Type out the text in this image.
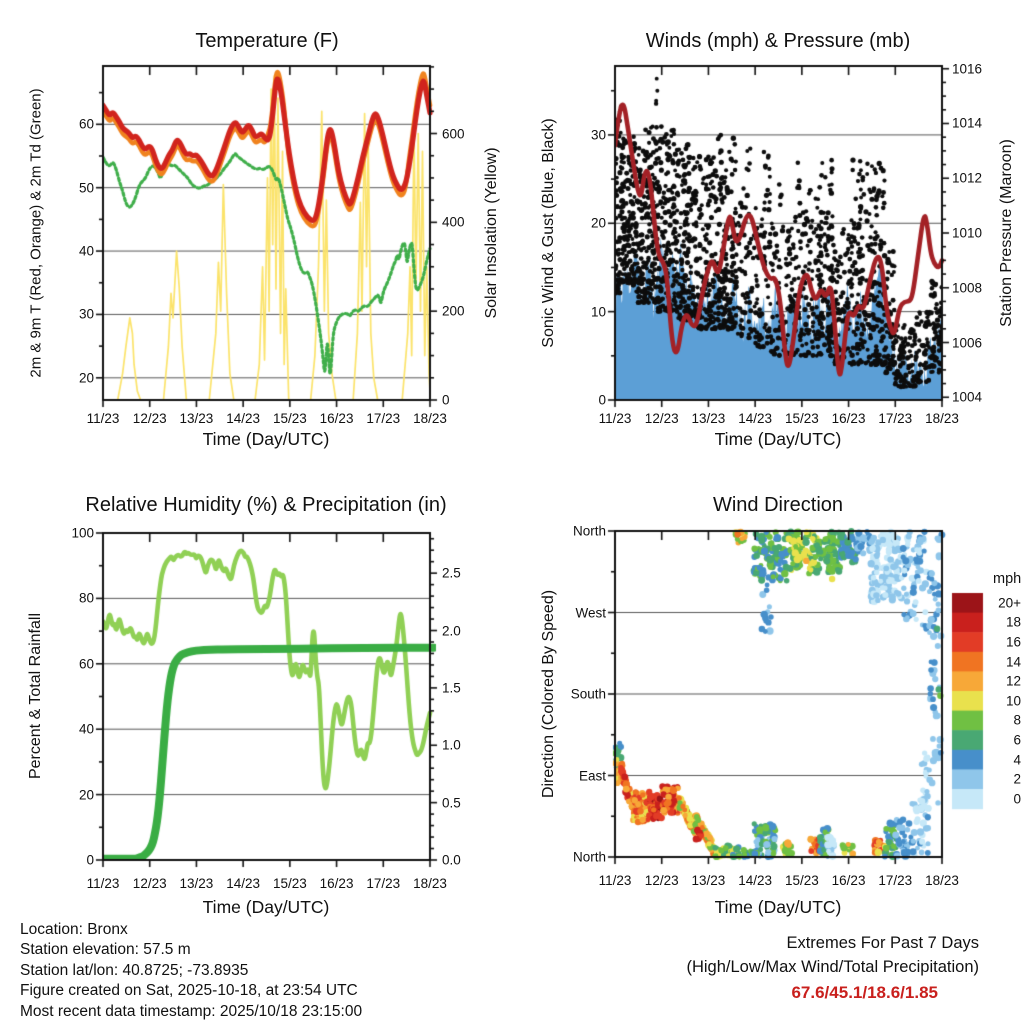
Temperature (F)	Winds (mph) & Pressure (mb)
Relative Humidity (%) & Precipitation (in)	Wind Direction
Time (Day/UTC)	Time (Day/UTC)
Time (Day/UTC)	Time (Day/UTC)
2m & 9m T (Red, Orange) & 2m Td (Green)	Solar Insolation (Yellow)	Sonic Wind & Gust (Blue, Black)	Station Pressure (Maroon)
Percent & Total Rainfall	Direction (Colored By Speed)
mph
Location: Bronx
Station elevation: 57.5 m
Station lat/lon: 40.8725; -73.8935
Figure created on Sat, 2025-10-18, at 23:54 UTC
Most recent data timestamp: 2025/10/18 23:15:00
Extremes For Past 7 Days
(High/Low/Max Wind/Total Precipitation)
67.6/45.1/18.6/1.85
11/23 12/23 13/23 14/23 15/23 16/23 17/23 18/23	11/23 12/23 13/23 14/23 15/23 16/23 17/23 18/23
11/23 12/23 13/23 14/23 15/23 16/23 17/23 18/23	11/23 12/23 13/23 14/23 15/23 16/23 17/23 18/23
20
30
40
50
60
0
200
400
600
0
10
20
30
1004
1006
1008
1010
1012
1014
1016
0
20
40
60
80
100
0.0
0.5
1.0
1.5
2.0
2.5
North
West
South
East
North
20+
18
16
14
12
10
8
6
4
2
0
